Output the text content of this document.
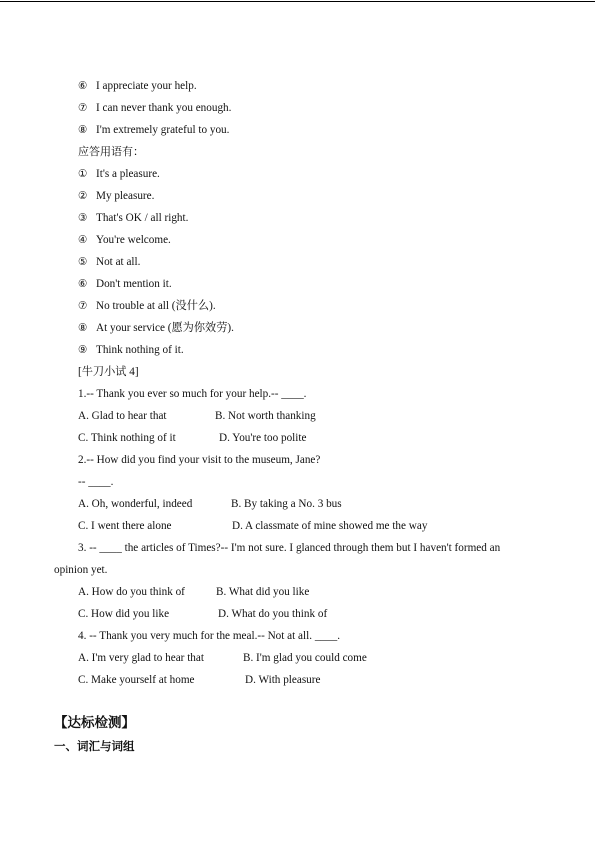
⑥ I appreciate your help.
⑦ I can never thank you enough.
⑧ I'm extremely grateful to you.
应答用语有：
① It's a pleasure.
② My pleasure.
③ That's OK / all right.
④ You're welcome.
⑤ Not at all.
⑥ Don't mention it.
⑦ No trouble at all (没什么).
⑧ At your service (愿为你效劳).
⑨ Think nothing of it.
[牛刀小试 4]
1.-- Thank you ever so much for your help.-- ____.
A. Glad to hear that	B. Not worth thanking
C. Think nothing of it	D. You're too polite
2.-- How did you find your visit to the museum, Jane?
-- ____.
A. Oh, wonderful, indeed	B. By taking a No. 3 bus
C. I went there alone	D. A classmate of mine showed me the way
3. -- ____ the articles of Times?-- I'm not sure. I glanced through them but I haven't formed an
opinion yet.
A. How do you think of	B. What did you like
C. How did you like	D. What do you think of
4. -- Thank you very much for the meal.-- Not at all. ____.
A. I'm very glad to hear that	B. I'm glad you could come
C. Make yourself at home	D. With pleasure
【达标检测】
一、词汇与词组
